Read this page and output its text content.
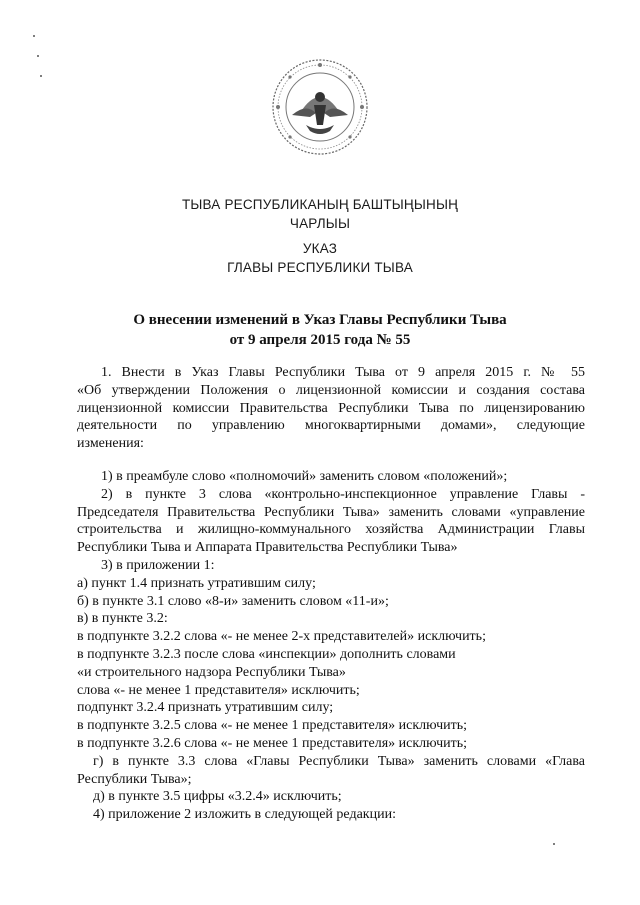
ТЫВА РЕСПУБЛИКАНЫҢ БАШТЫҢЫНЫҢ
ЧАРЛЫЫ
УКАЗ
ГЛАВЫ РЕСПУБЛИКИ ТЫВА
О внесении изменений в Указ Главы Республики Тыва
от 9 апреля 2015 года № 55
1. Внести в Указ Главы Республики Тыва от 9 апреля 2015 г. № 55
«Об утверждении Положения о лицензионной комиссии и создания состава
лицензионной комиссии Правительства Республики Тыва по лицензированию
деятельности по управлению многоквартирными домами», следующие
изменения:
1) в преамбуле слово «полномочий» заменить словом «положений»;
2) в пункте 3 слова «контрольно-инспекционное управление Главы -
Председателя Правительства Республики Тыва» заменить словами «управление
строительства и жилищно-коммунального хозяйства Администрации Главы
Республики Тыва и Аппарата Правительства Республики Тыва»
3) в приложении 1:
а) пункт 1.4 признать утратившим силу;
б) в пункте 3.1 слово «8-и» заменить словом «11-и»;
в) в пункте 3.2:
в подпункте 3.2.2 слова «- не менее 2-х представителей» исключить;
в подпункте 3.2.3 после слова «инспекции» дополнить словами
«и строительного надзора Республики Тыва»
слова «- не менее 1 представителя» исключить;
подпункт 3.2.4 признать утратившим силу;
в подпункте 3.2.5 слова «- не менее 1 представителя» исключить;
в подпункте 3.2.6 слова «- не менее 1 представителя» исключить;
г) в пункте 3.3 слова «Главы Республики Тыва» заменить словами «Глава
Республики Тыва»;
д) в пункте 3.5 цифры «3.2.4» исключить;
4) приложение 2 изложить в следующей редакции:
